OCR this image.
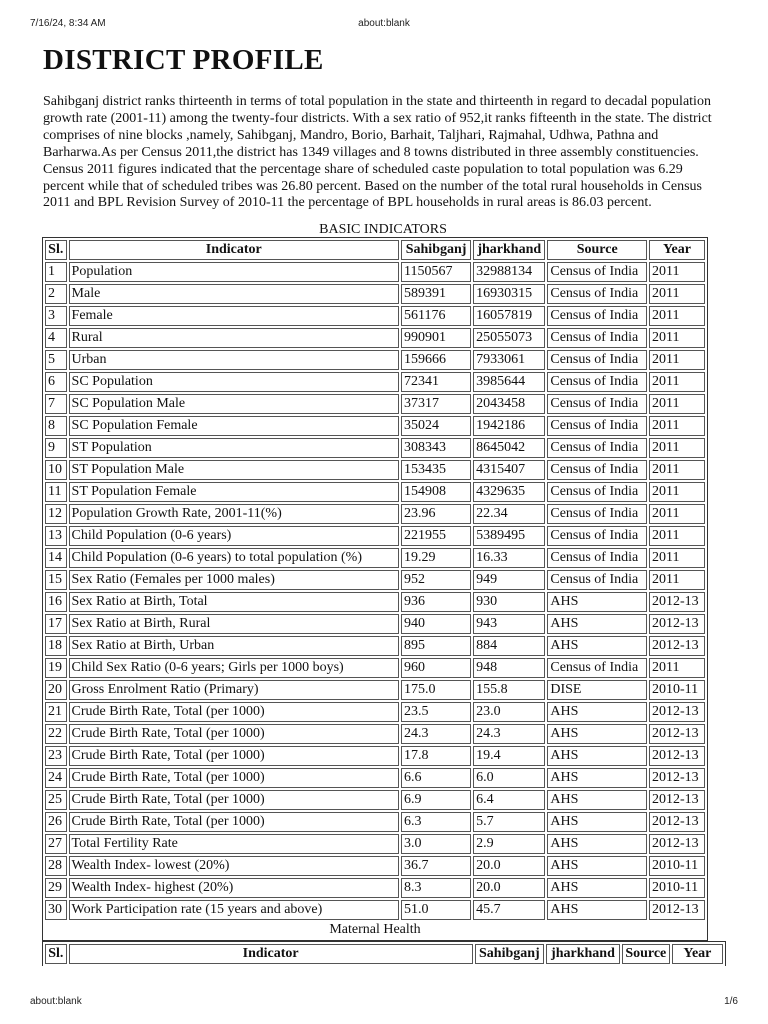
7/16/24, 8:34 AM	about:blank
DISTRICT PROFILE

Sahibganj district ranks thirteenth in terms of total population in the state and thirteenth in regard to decadal population growth rate (2001-11) among the twenty-four districts. With a sex ratio of 952,it ranks fifteenth in the state. The district comprises of nine blocks ,namely, Sahibganj, Mandro, Borio, Barhait, Taljhari, Rajmahal, Udhwa, Pathna and Barharwa.As per Census 2011,the district has 1349 villages and 8 towns distributed in three assembly constituencies. Census 2011 figures indicated that the percentage share of scheduled caste population to total population was 6.29 percent while that of scheduled tribes was 26.80 percent. Based on the number of the total rural households in Census 2011 and BPL Revision Survey of 2010-11 the percentage of BPL households in rural areas is 86.03 percent.

BASIC INDICATORS
Sl.	Indicator	Sahibganj	jharkhand	Source	Year
1	Population	1150567	32988134	Census of India	2011
2	Male	589391	16930315	Census of India	2011
3	Female	561176	16057819	Census of India	2011
4	Rural	990901	25055073	Census of India	2011
5	Urban	159666	7933061	Census of India	2011
6	SC Population	72341	3985644	Census of India	2011
7	SC Population Male	37317	2043458	Census of India	2011
8	SC Population Female	35024	1942186	Census of India	2011
9	ST Population	308343	8645042	Census of India	2011
10	ST Population Male	153435	4315407	Census of India	2011
11	ST Population Female	154908	4329635	Census of India	2011
12	Population Growth Rate, 2001-11(%)	23.96	22.34	Census of India	2011
13	Child Population (0-6 years)	221955	5389495	Census of India	2011
14	Child Population (0-6 years) to total population (%)	19.29	16.33	Census of India	2011
15	Sex Ratio (Females per 1000 males)	952	949	Census of India	2011
16	Sex Ratio at Birth, Total	936	930	AHS	2012-13
17	Sex Ratio at Birth, Rural	940	943	AHS	2012-13
18	Sex Ratio at Birth, Urban	895	884	AHS	2012-13
19	Child Sex Ratio (0-6 years; Girls per 1000 boys)	960	948	Census of India	2011
20	Gross Enrolment Ratio (Primary)	175.0	155.8	DISE	2010-11
21	Crude Birth Rate, Total (per 1000)	23.5	23.0	AHS	2012-13
22	Crude Birth Rate, Total (per 1000)	24.3	24.3	AHS	2012-13
23	Crude Birth Rate, Total (per 1000)	17.8	19.4	AHS	2012-13
24	Crude Birth Rate, Total (per 1000)	6.6	6.0	AHS	2012-13
25	Crude Birth Rate, Total (per 1000)	6.9	6.4	AHS	2012-13
26	Crude Birth Rate, Total (per 1000)	6.3	5.7	AHS	2012-13
27	Total Fertility Rate	3.0	2.9	AHS	2012-13
28	Wealth Index- lowest (20%)	36.7	20.0	AHS	2010-11
29	Wealth Index- highest (20%)	8.3	20.0	AHS	2010-11
30	Work Participation rate (15 years and above)	51.0	45.7	AHS	2012-13
Maternal Health					
Sl.	Indicator	Sahibganj	jharkhand	Source	Year
about:blank	1/6
